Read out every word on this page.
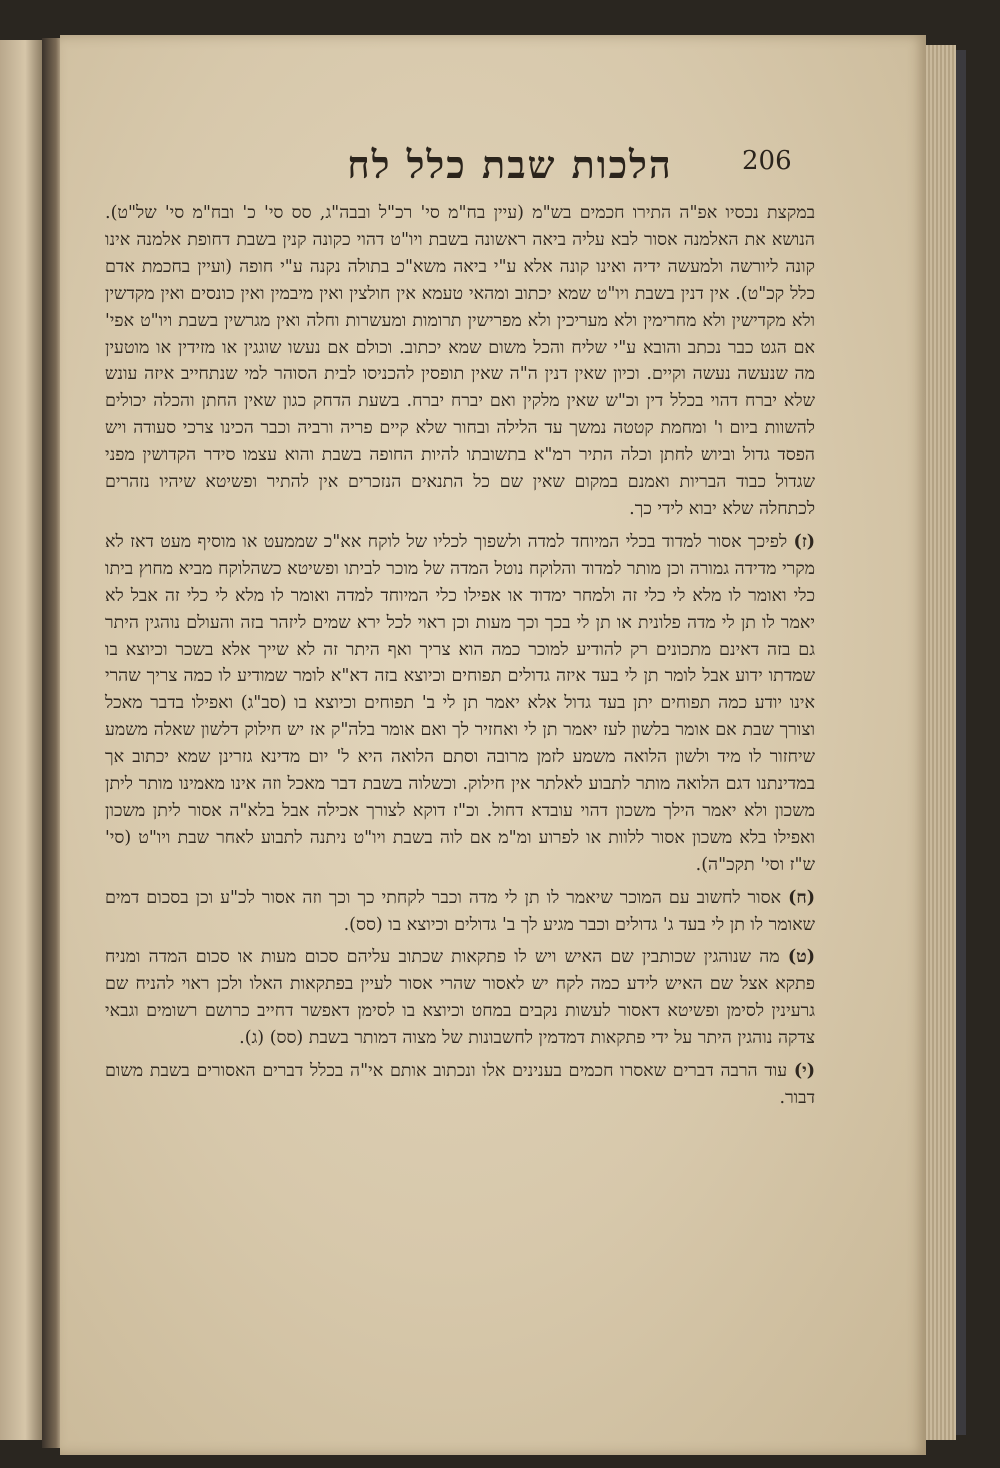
הלכות שבת כלל לח	206

במקצת נכסיו אפ"ה התירו חכמים בש"מ (עיין בח"מ סי' רכ"ל ובבה"ג, סס סי' כ' ובח"מ סי' של"ט). הנושא את האלמנה אסור לבא עליה ביאה ראשונה בשבת ויו"ט דהוי כקונה קנין בשבת דחופת אלמנה אינו קונה ליורשה ולמעשה ידיה ואינו קונה אלא ע"י ביאה משא"כ בתולה נקנה ע"י חופה (ועיין בחכמת אדם כלל קכ"ט). אין דנין בשבת ויו"ט שמא יכתוב ומהאי טעמא אין חולצין ואין מיבמין ואין כונסים ואין מקדשין ולא מקדישין ולא מחרימין ולא מעריכין ולא מפרישין תרומות ומעשרות וחלה ואין מגרשין בשבת ויו"ט אפי' אם הגט כבר נכתב והובא ע"י שליח והכל משום שמא יכתוב. וכולם אם נעשו שוגגין או מזידין או מוטעין מה שנעשה נעשה וקיים. וכיון שאין דנין ה"ה שאין תופסין להכניסו לבית הסוהר למי שנתחייב איזה עונש שלא יברח דהוי בכלל דין וכ"ש שאין מלקין ואם יברח יברח. בשעת הדחק כגון שאין החתן והכלה יכולים להשוות ביום ו' ומחמת קטטה נמשך עד הלילה ובחור שלא קיים פריה ורביה וכבר הכינו צרכי סעודה ויש הפסד גדול וביוש לחתן וכלה התיר רמ"א בתשובתו להיות החופה בשבת והוא עצמו סידר הקדושין מפני שגדול כבוד הבריות ואמנם במקום שאין שם כל התנאים הנזכרים אין להתיר ופשיטא שיהיו נזהרים לכתחלה שלא יבוא לידי כך.

(ז) לפיכך אסור למדוד בכלי המיוחד למדה ולשפוך לכליו של לוקח אא"כ שממעט או מוסיף מעט דאז לא מקרי מדידה גמורה וכן מותר למדוד והלוקח נוטל המדה של מוכר לביתו ופשיטא כשהלוקח מביא מחוץ ביתו כלי ואומר לו מלא לי כלי זה ולמחר ימדוד או אפילו כלי המיוחד למדה ואומר לו מלא לי כלי זה אבל לא יאמר לו תן לי מדה פלונית או תן לי בכך וכך מעות וכן ראוי לכל ירא שמים ליזהר בזה והעולם נוהגין היתר גם בזה דאינם מתכונים רק להודיע למוכר כמה הוא צריך ואף היתר זה לא שייך אלא בשכר וכיוצא בו שמדתו ידוע אבל לומר תן לי בעד איזה גדולים תפוחים וכיוצא בזה דא"א לומר שמודיע לו כמה צריך שהרי אינו יודע כמה תפוחים יתן בעד גדול אלא יאמר תן לי ב' תפוחים וכיוצא בו (סב"ג) ואפילו בדבר מאכל וצורך שבת אם אומר בלשון לעז יאמר תן לי ואחזיר לך ואם אומר בלה"ק אז יש חילוק דלשון שאלה משמע שיחזור לו מיד ולשון הלואה משמע לזמן מרובה וסתם הלואה היא ל' יום מדינא גזרינן שמא יכתוב אך במדינתנו דגם הלואה מותר לתבוע לאלתר אין חילוק. וכשלוה בשבת דבר מאכל וזה אינו מאמינו מותר ליתן משכון ולא יאמר הילך משכון דהוי עובדא דחול. וכ"ז דוקא לצורך אכילה אבל בלא"ה אסור ליתן משכון ואפילו בלא משכון אסור ללוות או לפרוע ומ"מ אם לוה בשבת ויו"ט ניתנה לתבוע לאחר שבת ויו"ט (סי' ש"ז וסי' תקכ"ה).

(ח) אסור לחשוב עם המוכר שיאמר לו תן לי מדה וכבר לקחתי כך וכך וזה אסור לכ"ע וכן בסכום דמים שאומר לו תן לי בעד ג' גדולים וכבר מגיע לך ב' גדולים וכיוצא בו (סס).

(ט) מה שנוהגין שכותבין שם האיש ויש לו פתקאות שכתוב עליהם סכום מעות או סכום המדה ומניח פתקא אצל שם האיש לידע כמה לקח יש לאסור שהרי אסור לעיין בפתקאות האלו ולכן ראוי להניח שם גרעינין לסימן ופשיטא דאסור לעשות נקבים במחט וכיוצא בו לסימן דאפשר דחייב כרושם רשומים וגבאי צדקה נוהגין היתר על ידי פתקאות דמדמין לחשבונות של מצוה דמותר בשבת (סס) (ג).

(י) עוד הרבה דברים שאסרו חכמים בענינים אלו ונכתוב אותם אי"ה בכלל דברים האסורים בשבת משום דבור.
